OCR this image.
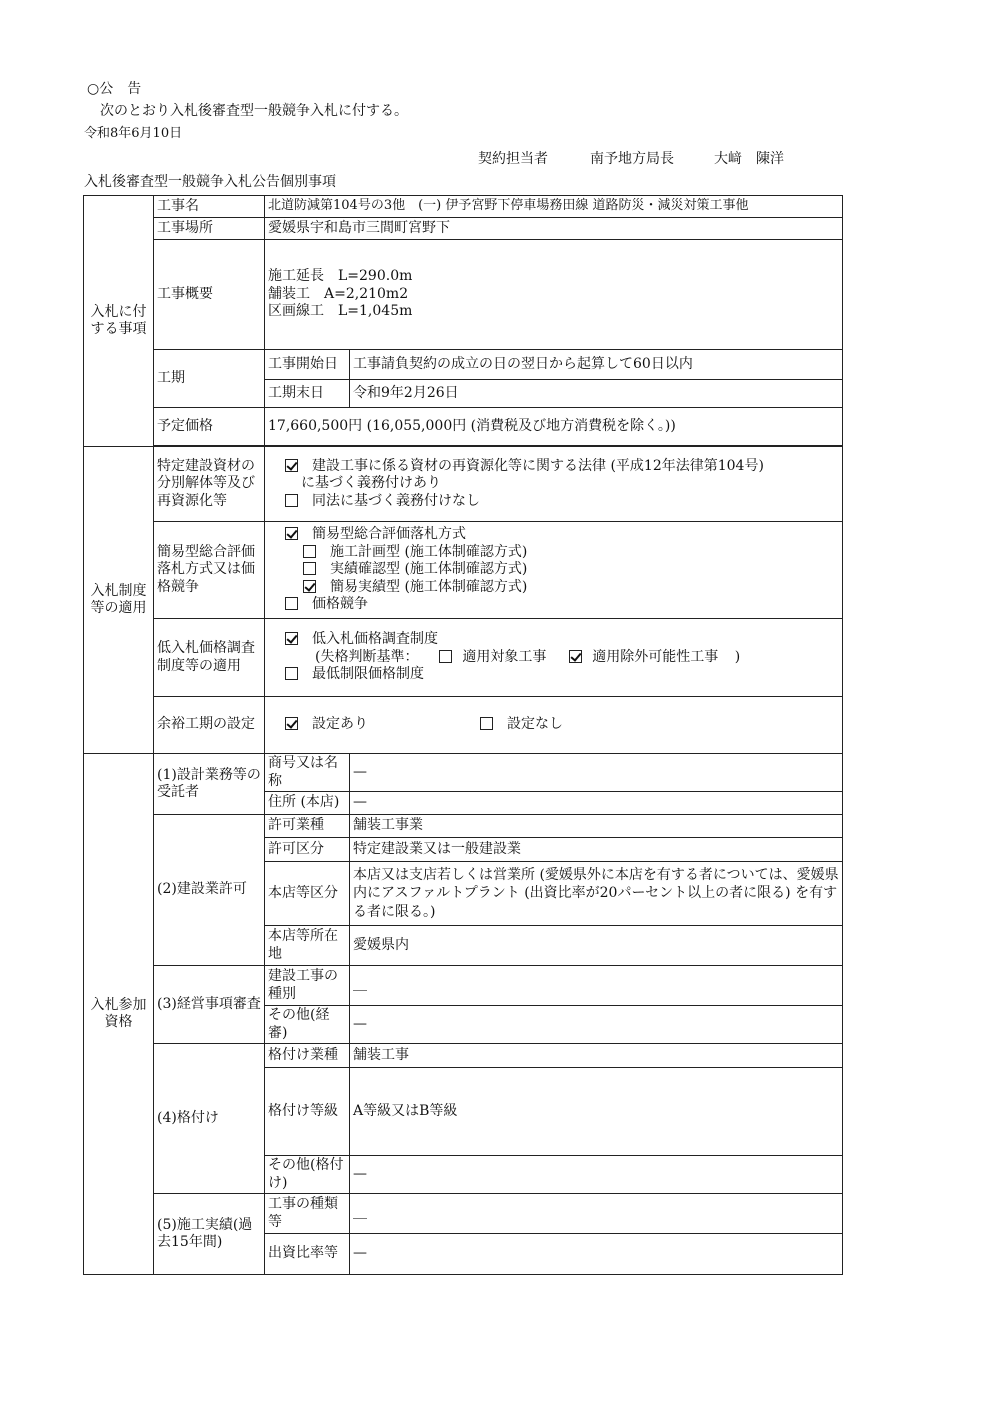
○公　告
次のとおり入札後審査型一般競争入札に付する。
令和8年6月10日
契約担当者	南予地方局長	大﨑　陳洋
入札後審査型一般競争入札公告個別事項
入札に付する事項	工事名	北道防減第104号の3他　(一) 伊予宮野下停車場務田線 道路防災・減災対策工事他	
	工事場所	愛媛県宇和島市三間町宮野下	
	工事概要	施工延長　L=290.0m
舗装工　A=2,210m2
区画線工　L=1,045m	

	工期	工事開始日	工事請負契約の成立の日の翌日から起算して60日以内
		工期末日	令和9年2月26日
	予定価格	17,660,500円 (16,055,000円 (消費税及び地方消費税を除く。))	

入札制度等の適用	特定建設資材の分別解体等及び再資源化等	建設工事に係る資材の再資源化等に関する法律 (平成12年法律第104号)
に基づく義務付けあり
同法に基づく義務付けなし	

	簡易型総合評価落札方式又は価格競争	簡易型総合評価落札方式
施工計画型 (施工体制確認方式)
実績確認型 (施工体制確認方式)
簡易実績型 (施工体制確認方式)
価格競争	

	低入札価格調査制度等の適用	低入札価格調査制度
(失格判断基準： 適用対象工事 適用除外可能性工事 )
最低制限価格制度	

	余裕工期の設定	設定あり 設定なし	

入札参加資格	(1)設計業務等の受託者	商号又は名称	—
		住所 (本店)	—
	(2)建設業許可	許可業種	舗装工事業
		許可区分	特定建設業又は一般建設業
		本店等区分	本店又は支店若しくは営業所 (愛媛県外に本店を有する者については、愛媛県内にアスファルトプラント (出資比率が20パーセント以上の者に限る) を有する者に限る。)
		本店等所在地	愛媛県内
	(3)経営事項審査	建設工事の種別	＿
		その他(経審)	—
	(4)格付け	格付け業種	舗装工事
		格付け等級	A等級又はB等級
		その他(格付け)	—
	(5)施工実績(過去15年間)	工事の種類等	＿
		出資比率等	—
